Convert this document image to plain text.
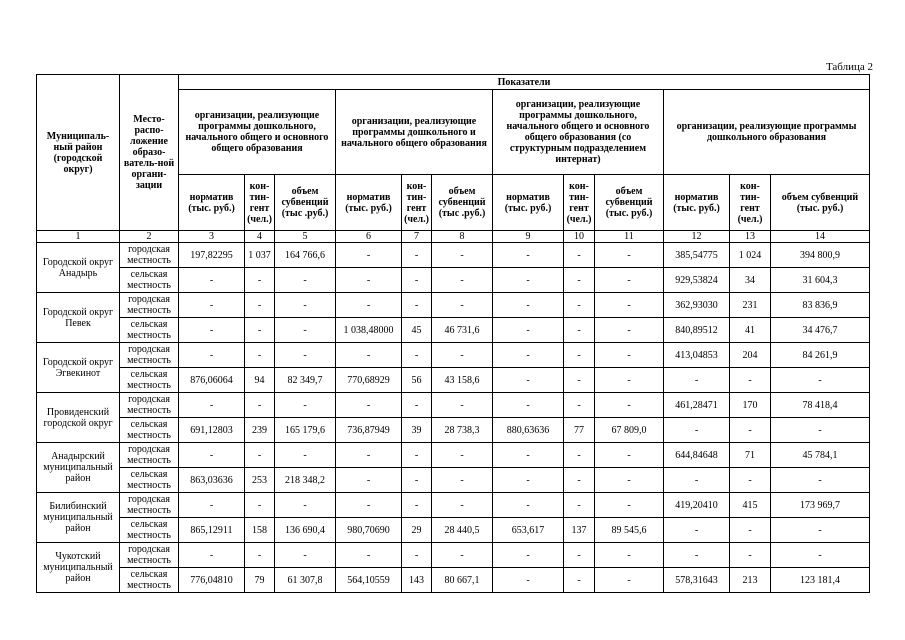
Таблица 2
Муниципаль-ный район (городской округ)	Место-распо-ложение образо-ватель-ной органи-зации	Показатели											
		организации, реализующие программы дошкольного, начального общего и основного общего образования			организации, реализующие программы дошкольного и начального общего образования			организации, реализующие программы дошкольного, начального общего и основного общего образования (со структурным подразделением интернат)			организации, реализующие программы дошкольного образования		
		норматив (тыс. руб.)	кон-тин-гент (чел.)	объем субвенций (тыс .руб.)	норматив (тыс. руб.)	кон-тин-гент (чел.)	объем субвенций (тыс .руб.)	норматив (тыс. руб.)	кон-тин-гент (чел.)	объем субвенций (тыс. руб.)	норматив (тыс. руб.)	кон-тин-гент (чел.)	объем субвенций (тыс. руб.)
1	2	3	4	5	6	7	8	9	10	11	12	13	14
Городской округ Анадырь	городская местность	197,82295	1 037	164 766,6	-	-	-	-	-	-	385,54775	1 024	394 800,9
	сельская местность	-	-	-	-	-	-	-	-	-	929,53824	34	31 604,3
Городской округ Певек	городская местность	-	-	-	-	-	-	-	-	-	362,93030	231	83 836,9
	сельская местность	-	-	-	1 038,48000	45	46 731,6	-	-	-	840,89512	41	34 476,7
Городской округ Эгвекинот	городская местность	-	-	-	-	-	-	-	-	-	413,04853	204	84 261,9
	сельская местность	876,06064	94	82 349,7	770,68929	56	43 158,6	-	-	-	-	-	-
Провиденский городской округ	городская местность	-	-	-	-	-	-	-	-	-	461,28471	170	78 418,4
	сельская местность	691,12803	239	165 179,6	736,87949	39	28 738,3	880,63636	77	67 809,0	-	-	-
Анадырский муниципальный район	городская местность	-	-	-	-	-	-	-	-	-	644,84648	71	45 784,1
	сельская местность	863,03636	253	218 348,2	-	-	-	-	-	-	-	-	-
Билибинский муниципальный район	городская местность	-	-	-	-	-	-	-	-	-	419,20410	415	173 969,7
	сельская местность	865,12911	158	136 690,4	980,70690	29	28 440,5	653,617	137	89 545,6	-	-	-
Чукотский муниципальный район	городская местность	-	-	-	-	-	-	-	-	-	-	-	-
	сельская местность	776,04810	79	61 307,8	564,10559	143	80 667,1	-	-	-	578,31643	213	123 181,4
